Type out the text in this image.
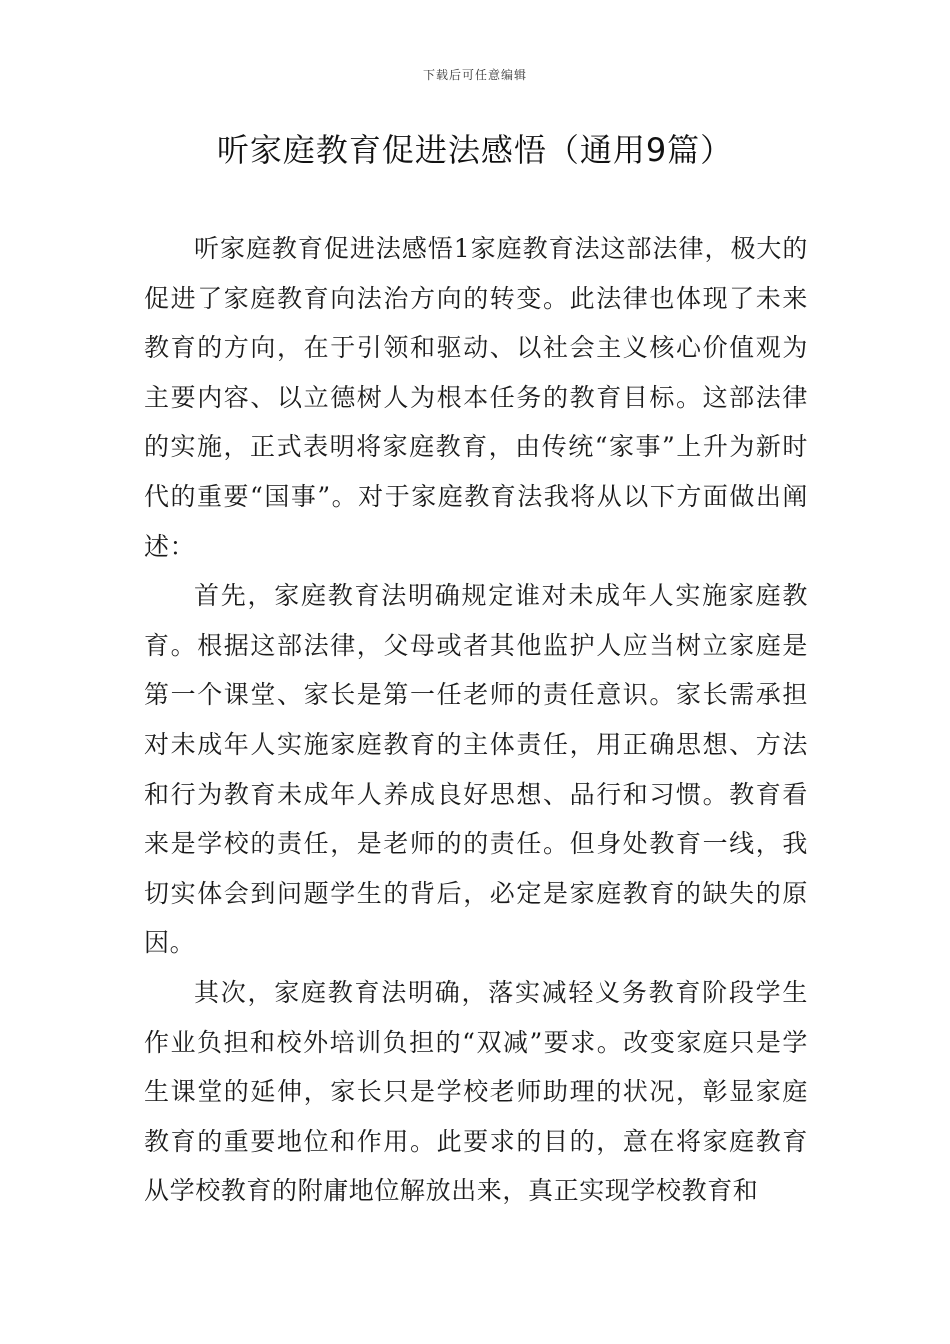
下载后可任意编辑
听家庭教育促进法感悟（通用9篇）

听家庭教育促进法感悟1家庭教育法这部法律，极大的促进了家庭教育向法治方向的转变。此法律也体现了未来教育的方向，在于引领和驱动、以社会主义核心价值观为主要内容、以立德树人为根本任务的教育目标。这部法律的实施，正式表明将家庭教育，由传统“家事”上升为新时代的重要“国事”。对于家庭教育法我将从以下方面做出阐述：

首先，家庭教育法明确规定谁对未成年人实施家庭教育。根据这部法律，父母或者其他监护人应当树立家庭是第一个课堂、家长是第一任老师的责任意识。家长需承担对未成年人实施家庭教育的主体责任，用正确思想、方法和行为教育未成年人养成良好思想、品行和习惯。教育看来是学校的责任，是老师的的责任。但身处教育一线，我切实体会到问题学生的背后，必定是家庭教育的缺失的原因。

其次，家庭教育法明确，落实减轻义务教育阶段学生作业负担和校外培训负担的“双减”要求。改变家庭只是学生课堂的延伸，家长只是学校老师助理的状况，彰显家庭教育的重要地位和作用。此要求的目的，意在将家庭教育从学校教育的附庸地位解放出来，真正实现学校教育和
